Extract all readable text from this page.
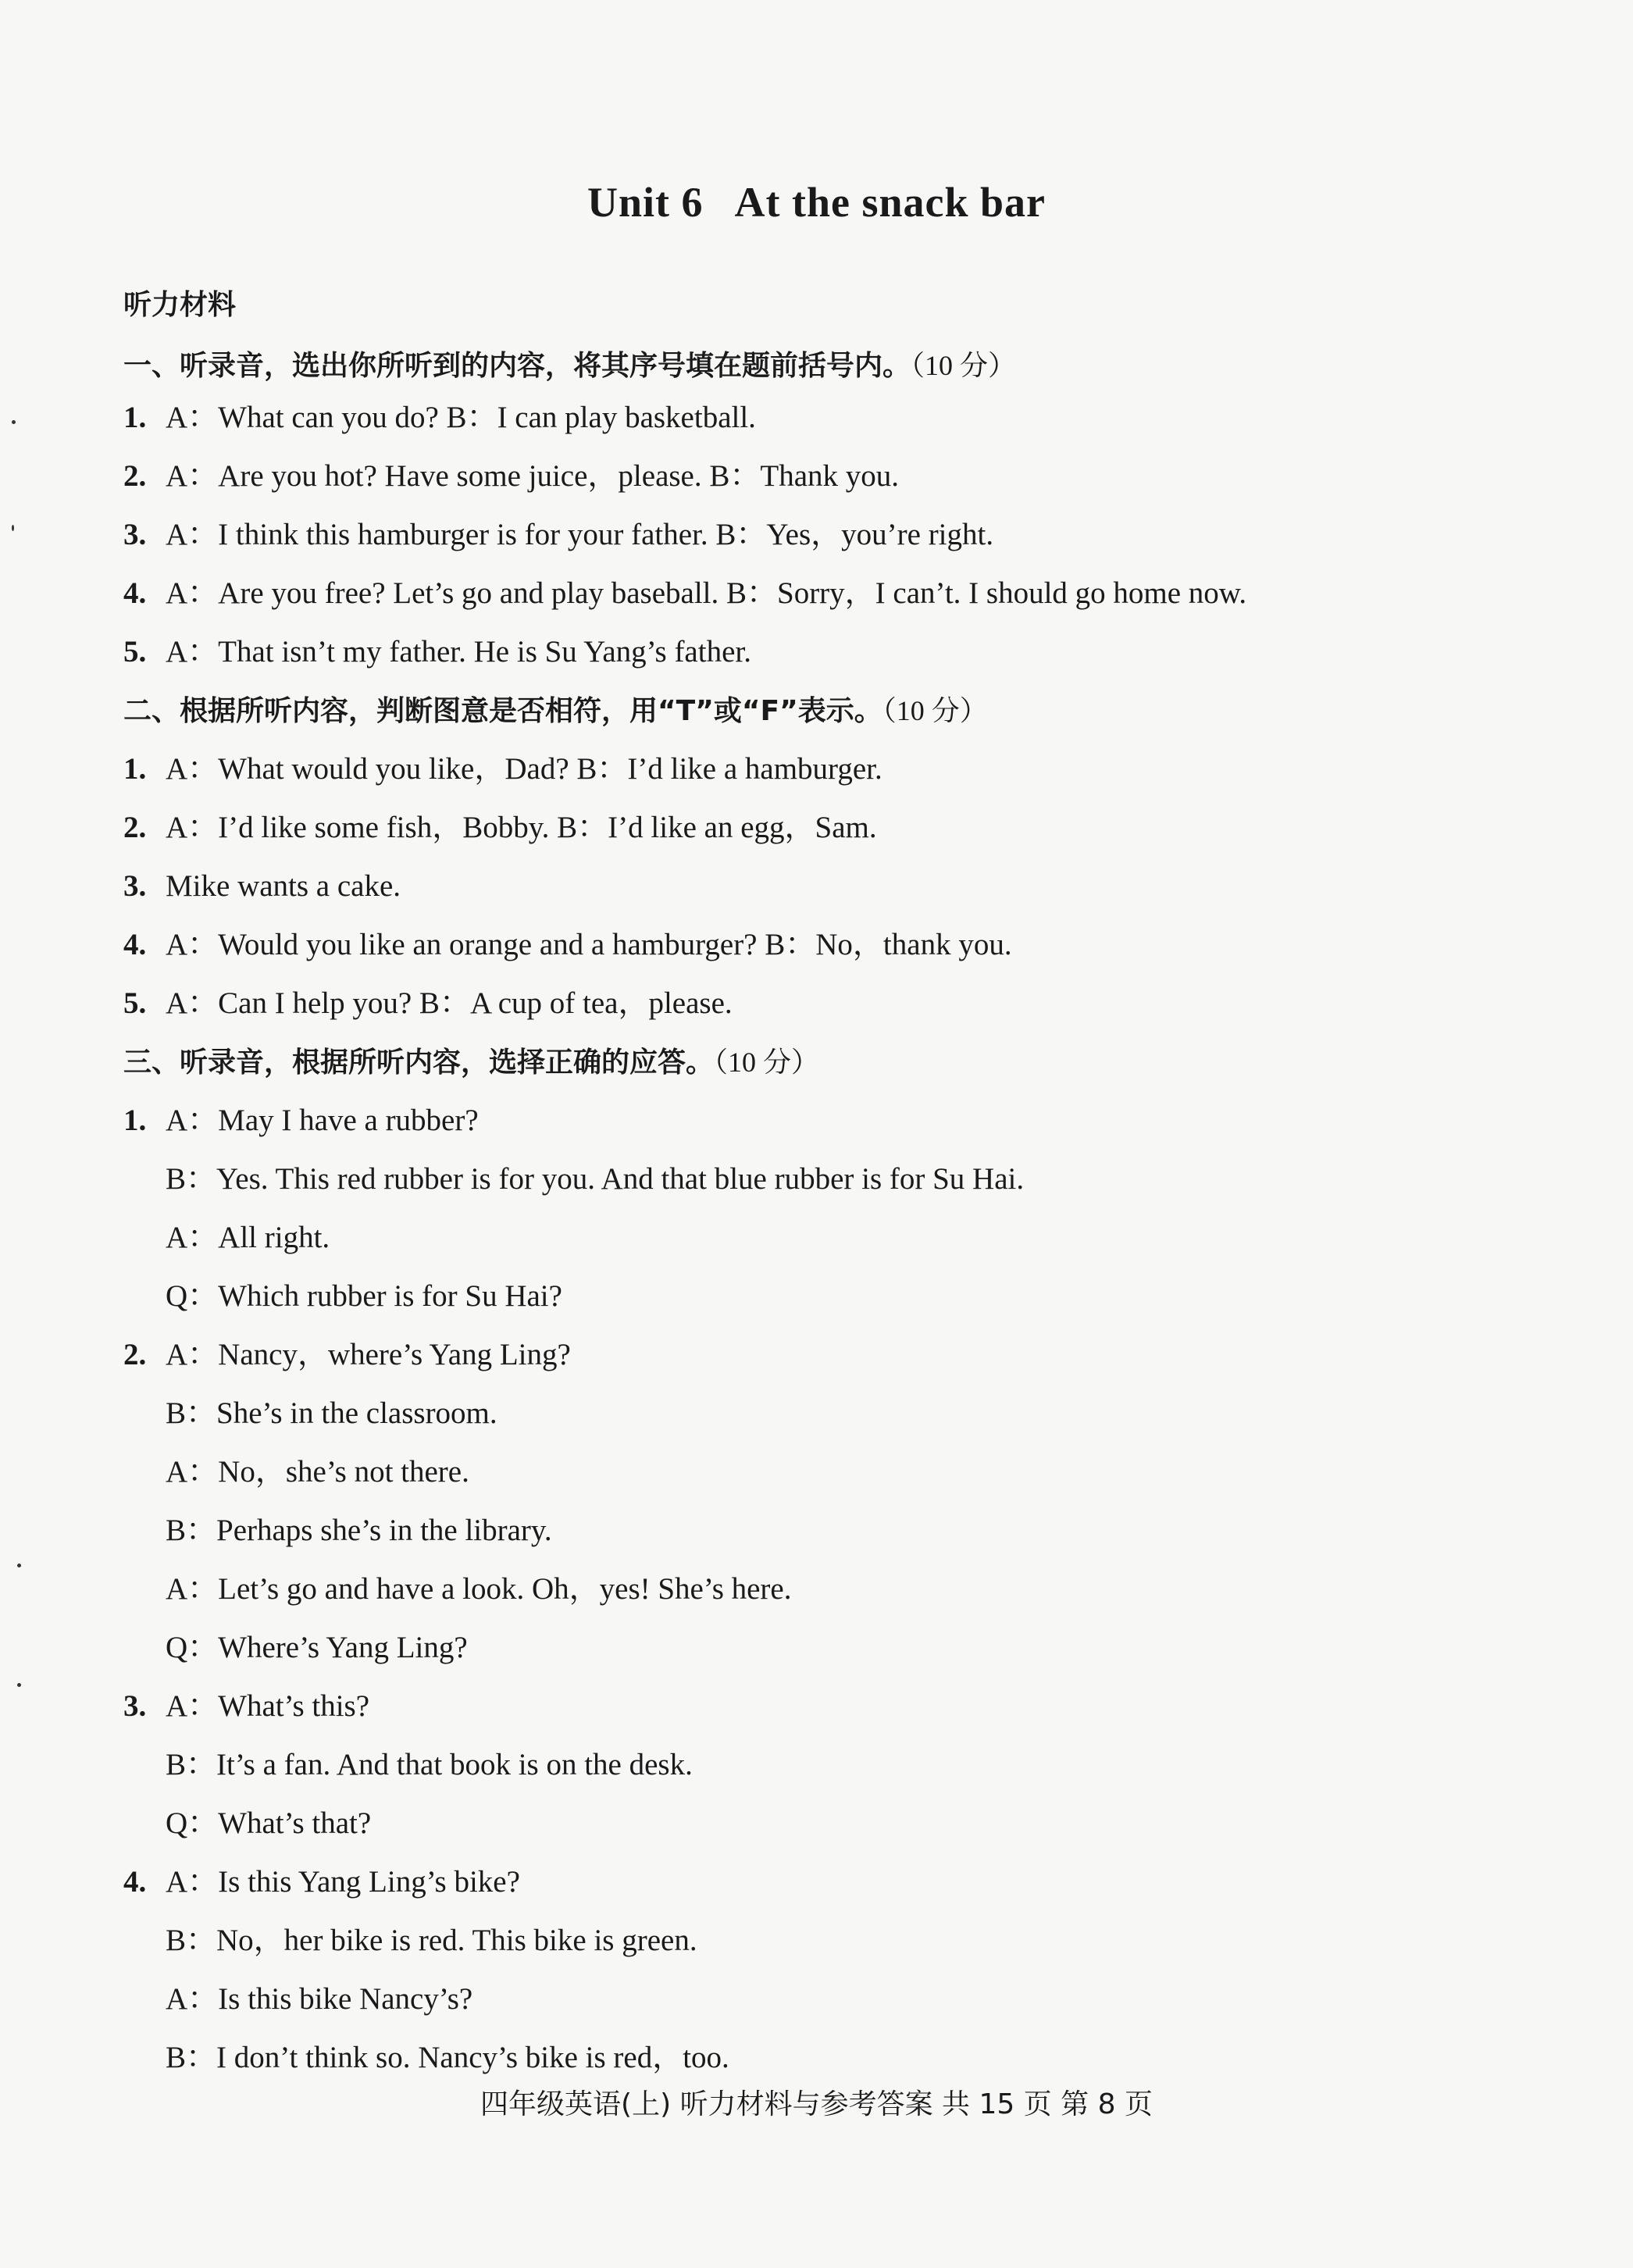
Unit 6 At the snack bar
听力材料
一、听录音，选出你所听到的内容，将其序号填在题前括号内。（10 分）
1. A：What can you do? B：I can play basketball.
2. A：Are you hot? Have some juice，please. B：Thank you.
3. A：I think this hamburger is for your father. B：Yes，you’re right.
4. A：Are you free? Let’s go and play baseball. B：Sorry，I can’t. I should go home now.
5. A：That isn’t my father. He is Su Yang’s father.
二、根据所听内容，判断图意是否相符，用“T”或“F”表示。（10 分）
1. A：What would you like，Dad? B：I’d like a hamburger.
2. A：I’d like some fish，Bobby. B：I’d like an egg，Sam.
3. Mike wants a cake.
4. A：Would you like an orange and a hamburger? B：No，thank you.
5. A：Can I help you? B：A cup of tea，please.
三、听录音，根据所听内容，选择正确的应答。（10 分）
1. A：May I have a rubber?
B：Yes. This red rubber is for you. And that blue rubber is for Su Hai.
A：All right.
Q：Which rubber is for Su Hai?
2. A：Nancy，where’s Yang Ling?
B：She’s in the classroom.
A：No，she’s not there.
B：Perhaps she’s in the library.
A：Let’s go and have a look. Oh，yes! She’s here.
Q：Where’s Yang Ling?
3. A：What’s this?
B：It’s a fan. And that book is on the desk.
Q：What’s that?
4. A：Is this Yang Ling’s bike?
B：No，her bike is red. This bike is green.
A：Is this bike Nancy’s?
B：I don’t think so. Nancy’s bike is red，too.
四年级英语(上) 听力材料与参考答案 共 15 页 第 8 页
